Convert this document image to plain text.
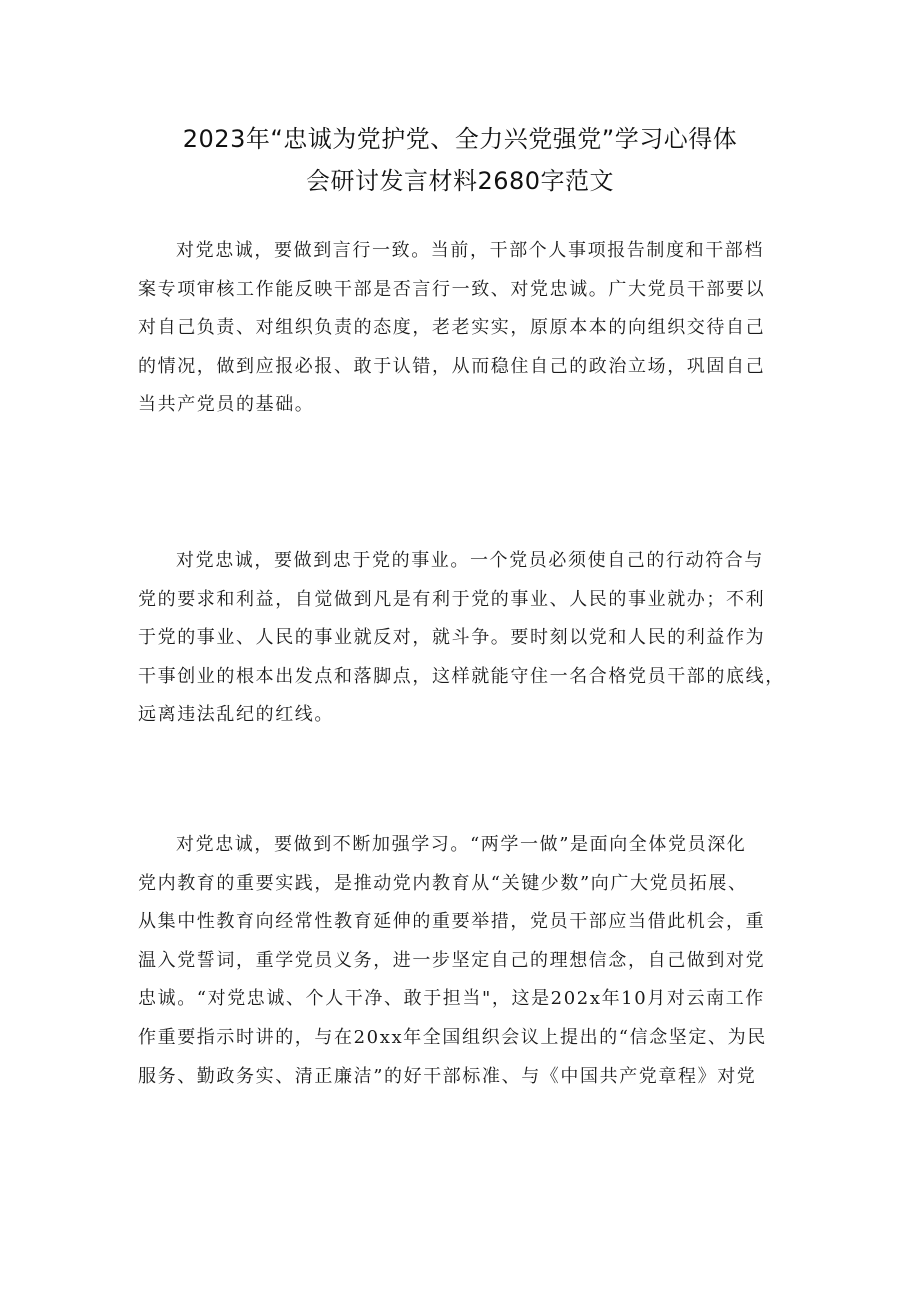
2023年“忠诚为党护党、全力兴党强党”学习心得体
会研讨发言材料2680字范文
对党忠诚，要做到言行一致。当前，干部个人事项报告制度和干部档
案专项审核工作能反映干部是否言行一致、对党忠诚。广大党员干部要以
对自己负责、对组织负责的态度，老老实实，原原本本的向组织交待自己
的情况，做到应报必报、敢于认错，从而稳住自己的政治立场，巩固自己
当共产党员的基础。
对党忠诚，要做到忠于党的事业。一个党员必须使自己的行动符合与
党的要求和利益，自觉做到凡是有利于党的事业、人民的事业就办；不利
于党的事业、人民的事业就反对，就斗争。要时刻以党和人民的利益作为
干事创业的根本出发点和落脚点，这样就能守住一名合格党员干部的底线，
远离违法乱纪的红线。
对党忠诚，要做到不断加强学习。“两学一做”是面向全体党员深化
党内教育的重要实践，是推动党内教育从“关键少数”向广大党员拓展、
从集中性教育向经常性教育延伸的重要举措，党员干部应当借此机会，重
温入党誓词，重学党员义务，进一步坚定自己的理想信念，自己做到对党
忠诚。“对党忠诚、个人干净、敢于担当"，这是202x年10月对云南工作
作重要指示时讲的，与在20xx年全国组织会议上提出的“信念坚定、为民
服务、勤政务实、清正廉洁”的好干部标准、与《中国共产党章程》对党
